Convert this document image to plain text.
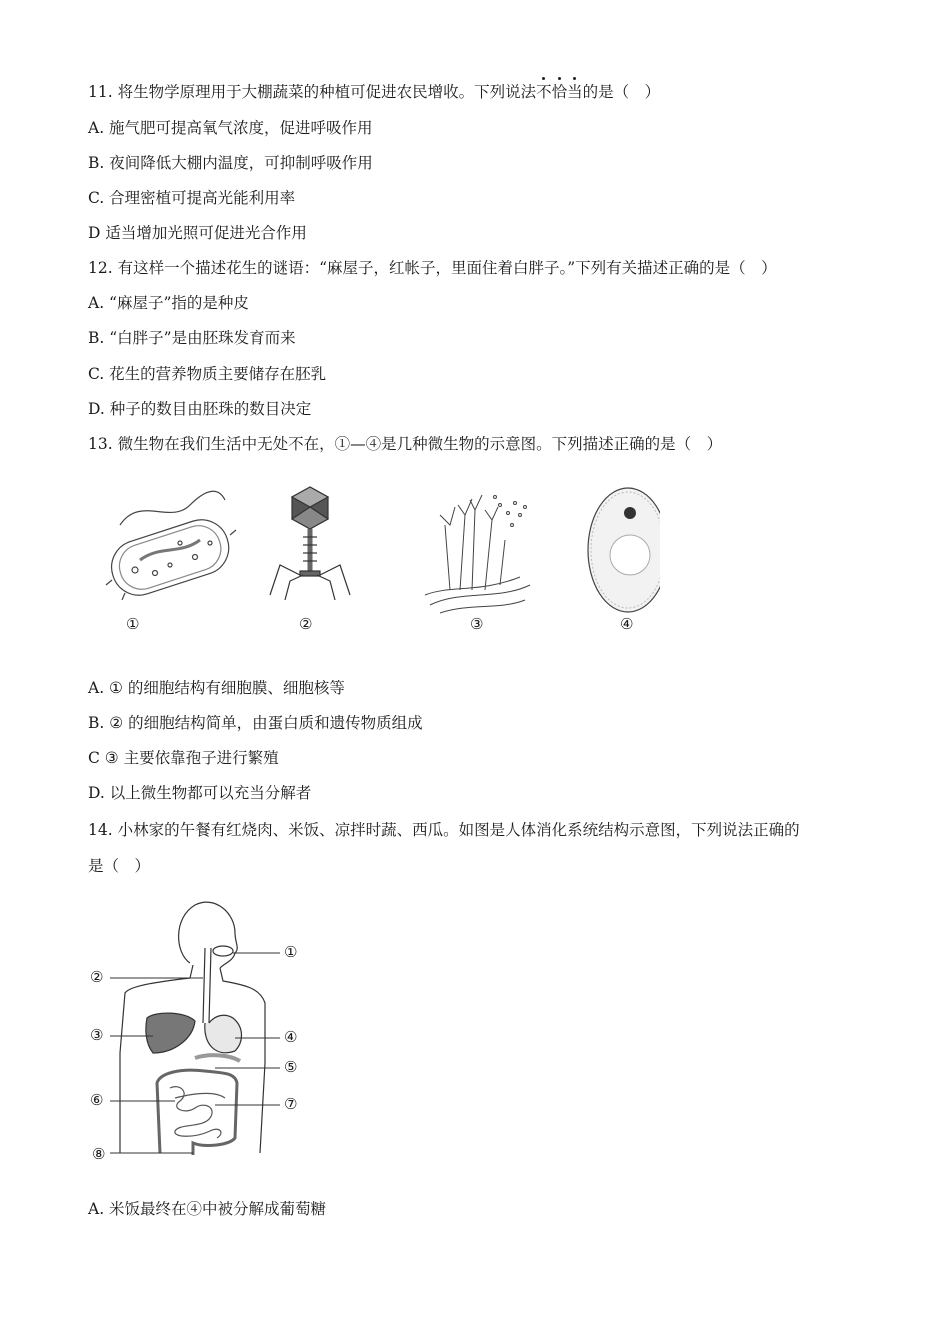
11. 将生物学原理用于大棚蔬菜的种植可促进农民增收。下列说法不恰当的是（　）
A. 施气肥可提高氧气浓度，促进呼吸作用
B. 夜间降低大棚内温度，可抑制呼吸作用
C. 合理密植可提高光能利用率
D 适当增加光照可促进光合作用
12. 有这样一个描述花生的谜语：“麻屋子，红帐子，里面住着白胖子。”下列有关描述正确的是（　）
A. “麻屋子”指的是种皮
B. “白胖子”是由胚珠发育而来
C. 花生的营养物质主要储存在胚乳
D. 种子的数目由胚珠的数目决定
13. 微生物在我们生活中无处不在，①—④是几种微生物的示意图。下列描述正确的是（　）
①	②	③	④
A. ① 的细胞结构有细胞膜、细胞核等
B. ② 的细胞结构简单，由蛋白质和遗传物质组成
C ③ 主要依靠孢子进行繁殖
D. 以上微生物都可以充当分解者
14. 小林家的午餐有红烧肉、米饭、凉拌时蔬、西瓜。如图是人体消化系统结构示意图，下列说法正确的
是（　）
①
②
③	④
⑤
⑥	⑦
⑧
A. 米饭最终在④中被分解成葡萄糖
